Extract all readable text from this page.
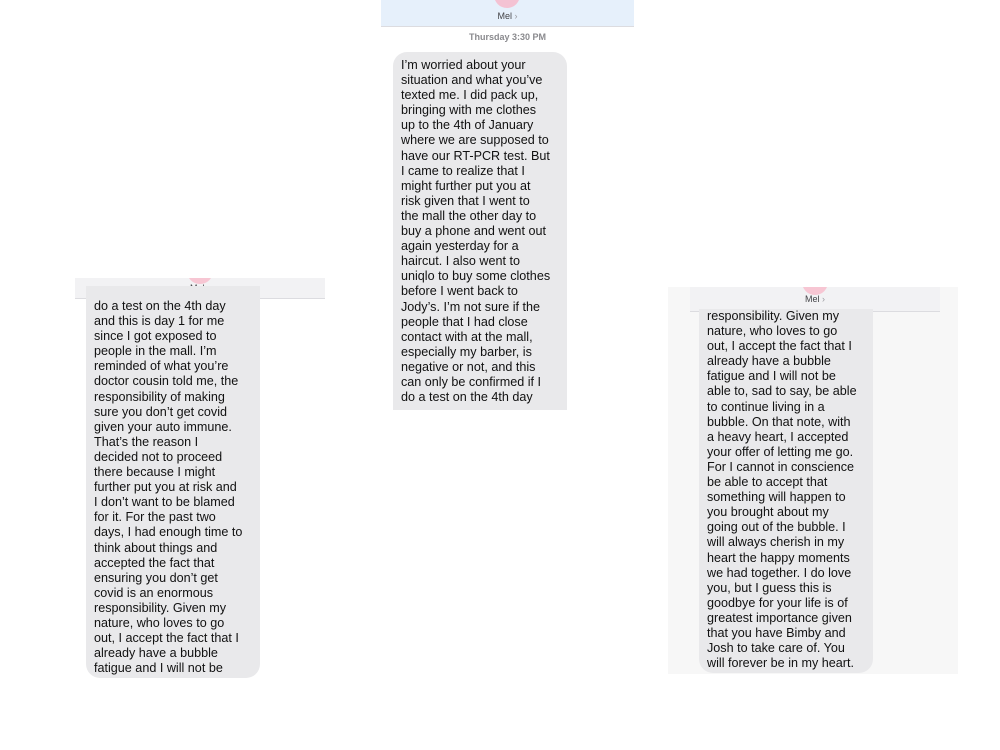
Mel ›
Thursday 3:30 PM
I’m worried about your
situation and what you’ve
texted me. I did pack up,
bringing with me clothes
up to the 4th of January
where we are supposed to
have our RT-PCR test. But
I came to realize that I
might further put you at
risk given that I went to
the mall the other day to
buy a phone and went out
again yesterday for a
haircut. I also went to
uniqlo to buy some clothes
before I went back to
Jody’s. I’m not sure if the
people that I had close
contact with at the mall,
especially my barber, is
negative or not, and this
can only be confirmed if I
do a test on the 4th day
do a test on the 4th day
and this is day 1 for me
since I got exposed to
people in the mall. I’m
reminded of what you’re
doctor cousin told me, the
responsibility of making
sure you don’t get covid
given your auto immune.
That’s the reason I
decided not to proceed
there because I might
further put you at risk and
I don’t want to be blamed
for it. For the past two
days, I had enough time to
think about things and
accepted the fact that
ensuring you don’t get
covid is an enormous
responsibility. Given my
nature, who loves to go
out, I accept the fact that I
already have a bubble
fatigue and I will not be
Mel ›
responsibility. Given my
nature, who loves to go
out, I accept the fact that I
already have a bubble
fatigue and I will not be
able to, sad to say, be able
to continue living in a
bubble. On that note, with
a heavy heart, I accepted
your offer of letting me go.
For I cannot in conscience
be able to accept that
something will happen to
you brought about my
going out of the bubble. I
will always cherish in my
heart the happy moments
we had together. I do love
you, but I guess this is
goodbye for your life is of
greatest importance given
that you have Bimby and
Josh to take care of. You
will forever be in my heart.
